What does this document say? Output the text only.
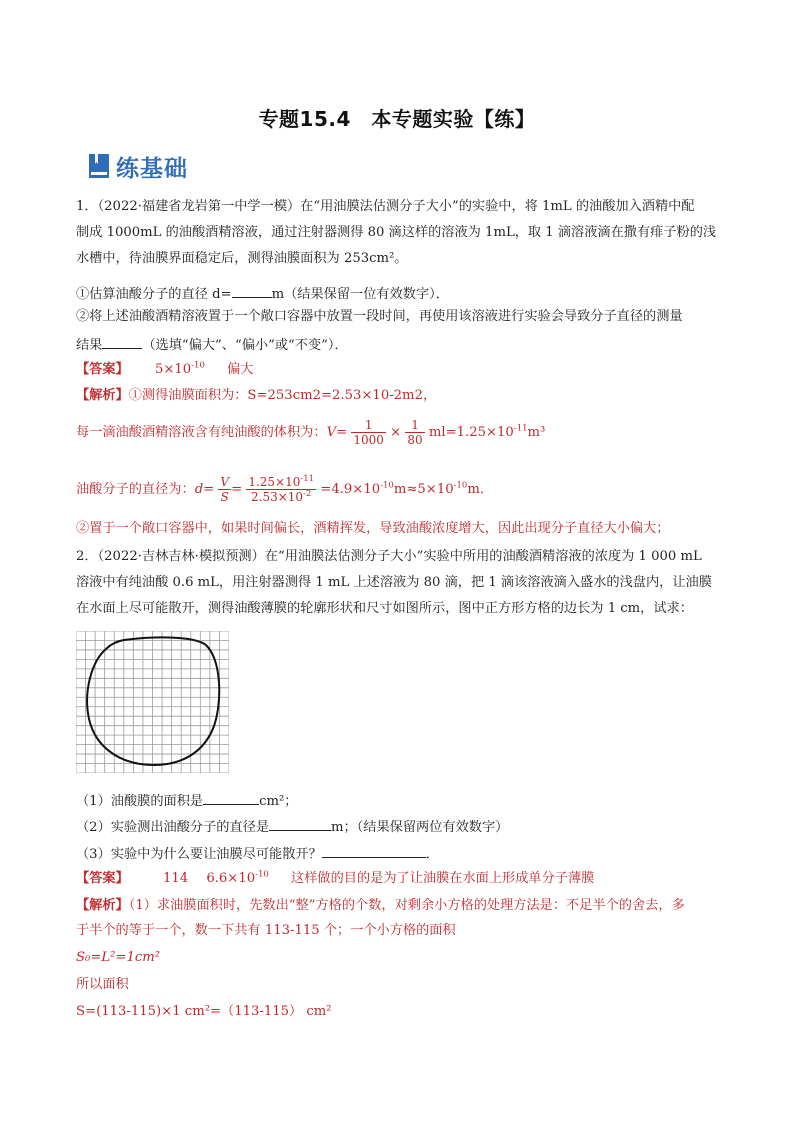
专题15.4　本专题实验【练】
练基础
1．（2022·福建省龙岩第一中学一模）在“用油膜法估测分子大小”的实验中，将 1mL 的油酸加入酒精中配
制成 1000mL 的油酸酒精溶液，通过注射器测得 80 滴这样的溶液为 1mL，取 1 滴溶液滴在撒有痱子粉的浅
水槽中，待油膜界面稳定后，测得油膜面积为 253cm²。
①估算油酸分子的直径 d=	m（结果保留一位有效数字）．
②将上述油酸酒精溶液置于一个敞口容器中放置一段时间，再使用该溶液进行实验会导致分子直径的测量
结果	（选填“偏大”、“偏小”或“不变”）．
【答案】 $5\times 10^{-10}$ 偏大
【解析】①测得油膜面积为：S=253cm2=2.53×10-2m2，
每一滴油酸酒精溶液含有纯油酸的体积为：$V= \frac{1}{1000} \times \frac{1}{80} ml=1.25\times 10^{-11}m^3$
油酸分子的直径为：$d= \frac{V}{S} = \frac{1.25\times 10^{-11}}{2.53\times 10^{-2}} =4.9\times 10^{-10}m\approx 5\times 10^{-10}m$．
②置于一个敞口容器中，如果时间偏长，酒精挥发，导致油酸浓度增大，因此出现分子直径大小偏大；
2．（2022·吉林吉林·模拟预测）在“用油膜法估测分子大小”实验中所用的油酸酒精溶液的浓度为 1 000 mL
溶液中有纯油酸 0.6 mL，用注射器测得 1 mL 上述溶液为 80 滴，把 1 滴该溶液滴入盛水的浅盘内，让油膜
在水面上尽可能散开，测得油酸薄膜的轮廓形状和尺寸如图所示，图中正方形方格的边长为 1 cm，试求：
（1）油酸膜的面积是	cm²；
（2）实验测出油酸分子的直径是	m；（结果保留两位有效数字）
（3）实验中为什么要让油膜尽可能散开？	．
【答案】	114 $6.6\times 10^{-10}$ 这样做的目的是为了让油膜在水面上形成单分子薄膜
【解析】（1）求油膜面积时，先数出“整”方格的个数，对剩余小方格的处理方法是：不足半个的舍去，多
于半个的等于一个，数一下共有 113-115 个；一个小方格的面积
S₀=L²=1cm²
所以面积
S=(113-115)×1 cm²=（113-115） cm²
